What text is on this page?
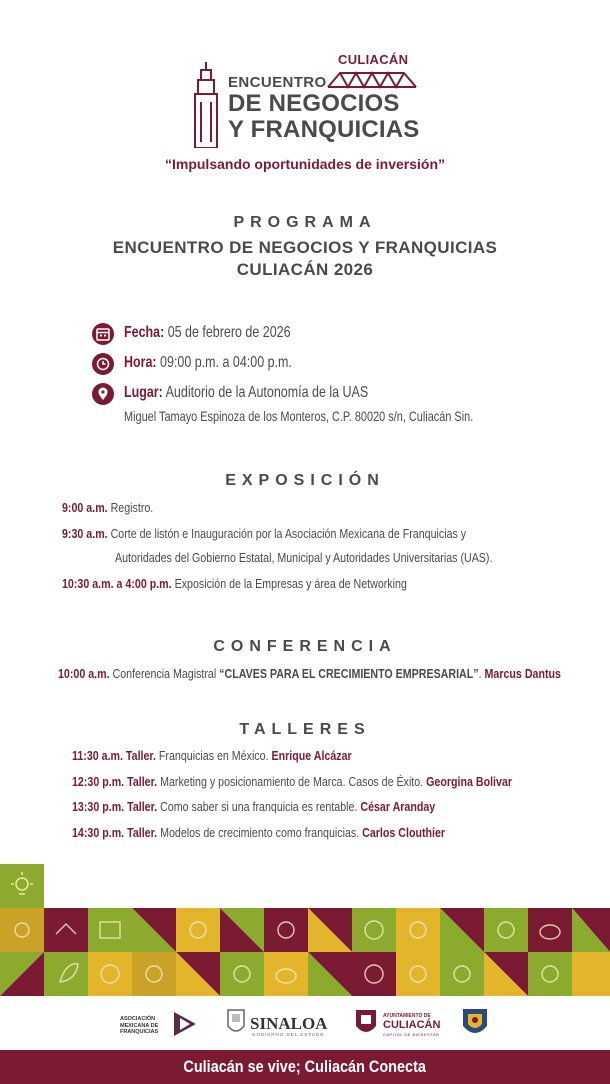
CULIACÁN
ENCUENTRO
DE NEGOCIOS
Y FRANQUICIAS
“Impulsando oportunidades de inversión”
PROGRAMA
ENCUENTRO DE NEGOCIOS Y FRANQUICIAS
CULIACÁN 2026
Fecha: 05 de febrero de 2026
Hora: 09:00 p.m. a 04:00 p.m.
Lugar: Auditorio de la Autonomía de la UAS
Miguel Tamayo Espinoza de los Monteros, C.P. 80020 s/n, Culiacán Sin.
EXPOSICIÓN
9:00 a.m. Registro.
9:30 a.m. Corte de listón e Inauguración por la Asociación Mexicana de Franquicias y
Autoridades del Gobierno Estatal, Municipal y Autoridades Universitarias (UAS).
10:30 a.m. a 4:00 p.m. Exposición de la Empresas y área de Networking
CONFERENCIA
10:00 a.m. Conferencia Magistral “CLAVES PARA EL CRECIMIENTO EMPRESARIAL”. Marcus Dantus
TALLERES
11:30 a.m. Taller. Franquicias en México. Enrique Alcázar
12:30 p.m. Taller. Marketing y posicionamiento de Marca. Casos de Éxito. Georgina Bolivar
13:30 p.m. Taller. Como saber si una franquicia es rentable. César Aranday
14:30 p.m. Taller. Modelos de crecimiento como franquicias. Carlos Clouthier
ASOCIACIÓN MEXICANA DE FRANQUICIAS	SINALOA
GOBIERNO DEL ESTADO
AYUNTAMIENTO DE
CULIACÁN
CAPITAL DE BIENESTAR
Culiacán se vive; Culiacán Conecta
